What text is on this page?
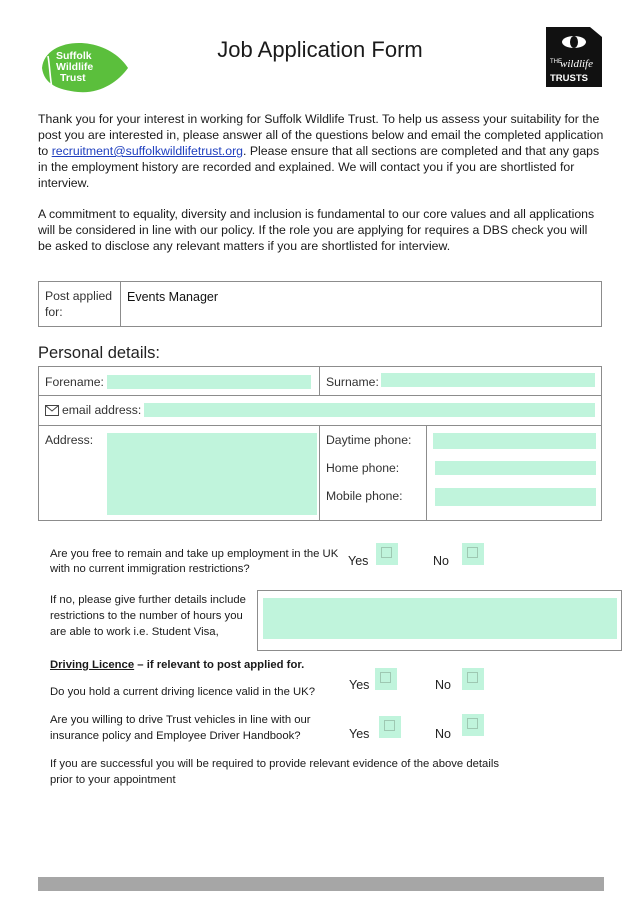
Suffolk
Wildlife
Trust
Job Application Form	THE
wildlife
TRUSTS

Thank you for your interest in working for Suffolk Wildlife Trust. To help us assess your suitability for the post you are interested in, please answer all of the questions below and email the completed application to recruitment@suffolkwildlifetrust.org. Please ensure that all sections are completed and that any gaps in the employment history are recorded and explained. We will contact you if you are shortlisted for interview.

A commitment to equality, diversity and inclusion is fundamental to our core values and all applications will be considered in line with our policy. If the role you are applying for requires a DBS check you will be asked to disclose any relevant matters if you are shortlisted for interview.

Post applied for:
Events Manager
Personal details:
Forename:	Surname:
email address:
Address:	Daytime phone:
Home phone:
Mobile phone:
Are you free to remain and take up employment in the UK with no current immigration restrictions?
Yes	No
If no, please give further details include restrictions to the number of hours you are able to work i.e. Student Visa,
Driving Licence – if relevant to post applied for.
Do you hold a current driving licence valid in the UK?	Yes	No
Are you willing to drive Trust vehicles in line with our insurance policy and Employee Driver Handbook?	Yes	No
If you are successful you will be required to provide relevant evidence of the above details prior to your appointment
